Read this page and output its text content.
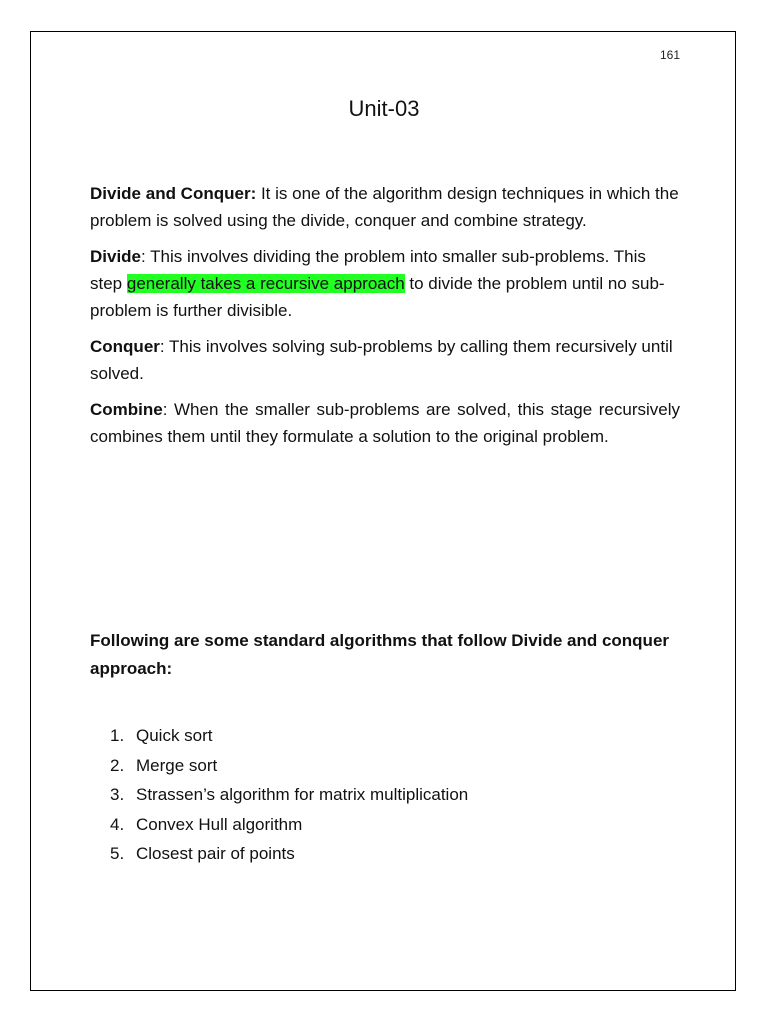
161
Unit-03

Divide and Conquer: It is one of the algorithm design techniques in which the problem is solved using the divide, conquer and combine strategy.

Divide: This involves dividing the problem into smaller sub-problems. This step generally takes a recursive approach to divide the problem until no sub-problem is further divisible.

Conquer: This involves solving sub-problems by calling them recursively until solved.

Combine: When the smaller sub-problems are solved, this stage recursively combines them until they formulate a solution to the original problem.

Following are some standard algorithms that follow Divide and conquer approach:
1. Quick sort
2. Merge sort
3. Strassen’s algorithm for matrix multiplication
4. Convex Hull algorithm
5. Closest pair of points
